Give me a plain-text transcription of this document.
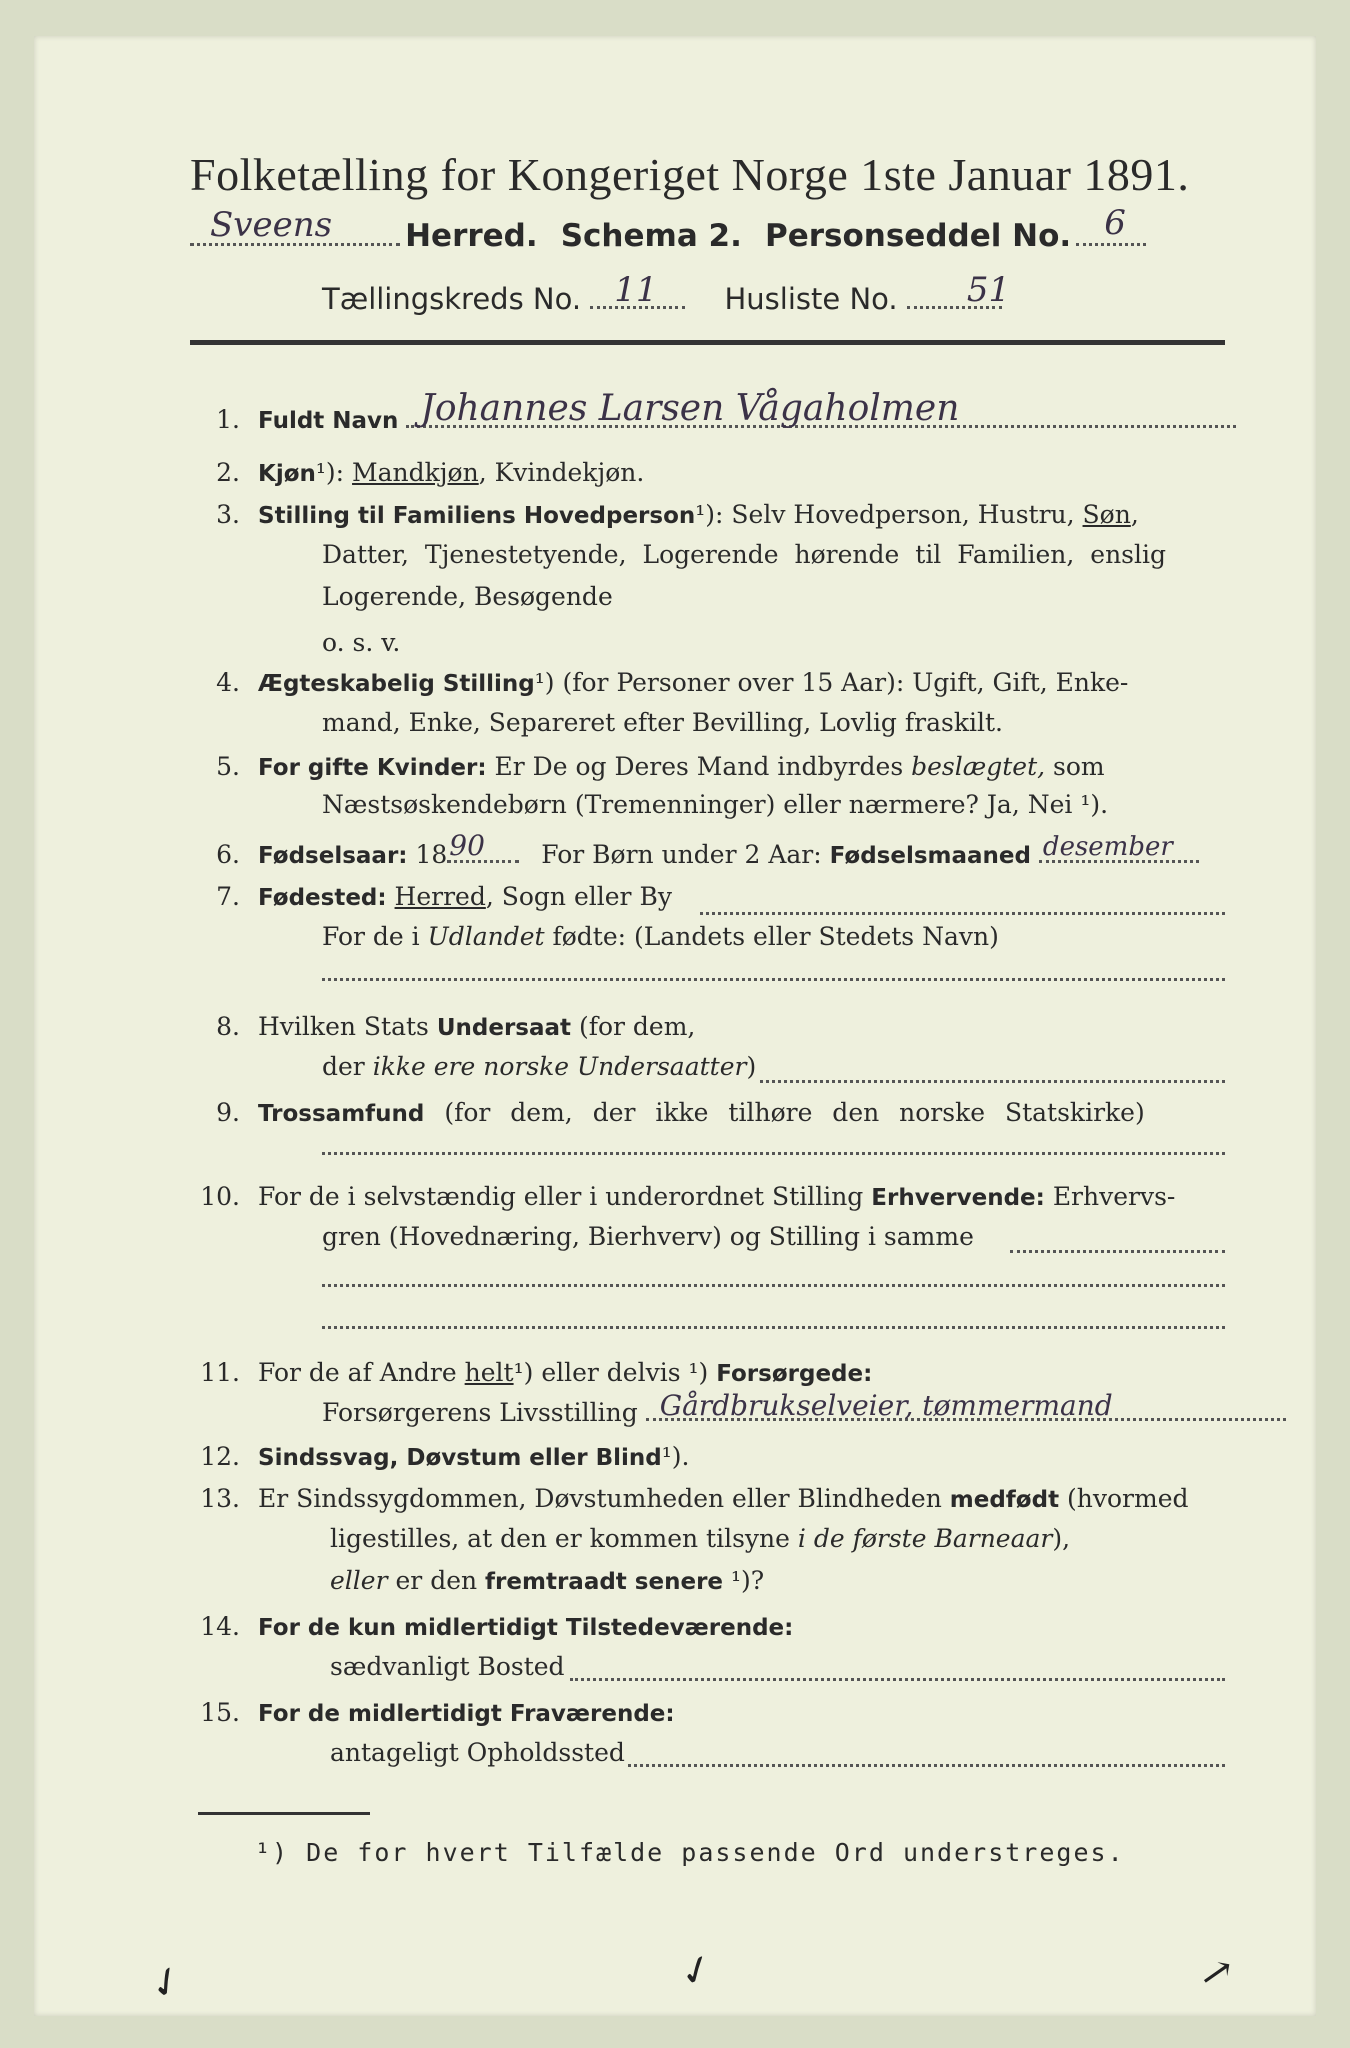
Folketælling for Kongeriget Norge 1ste Januar 1891.
Sveens Herred. Schema 2. Personseddel No. 6
Tællingskreds No. 11 Husliste No. 51
1. Fuldt Navn Johannes Larsen Vågaholmen
2. Kjøn¹): Mandkjøn, Kvindekjøn.
3. Stilling til Familiens Hovedperson¹): Selv Hovedperson, Hustru, Søn,
Datter, Tjenestetyende, Logerende hørende til Familien, enslig
Logerende, Besøgende
o. s. v.
4. Ægteskabelig Stilling¹) (for Personer over 15 Aar): Ugift, Gift, Enke-
mand, Enke, Separeret efter Bevilling, Lovlig fraskilt.
5. For gifte Kvinder: Er De og Deres Mand indbyrdes beslægtet, som
Næstsøskendebørn (Tremenninger) eller nærmere? Ja, Nei ¹).
6. Fødselsaar: 18 90 For Børn under 2 Aar: Fødselsmaaned desember
7. Fødested: Herred, Sogn eller By
For de i Udlandet fødte: (Landets eller Stedets Navn)
8. Hvilken Stats Undersaat (for dem,
der ikke ere norske Undersaatter)
9. Trossamfund (for dem, der ikke tilhøre den norske Statskirke)
10. For de i selvstændig eller i underordnet Stilling Erhvervende: Erhvervs-
gren (Hovednæring, Bierhverv) og Stilling i samme
11. For de af Andre helt¹) eller delvis ¹) Forsørgede:
Forsørgerens Livsstilling Gårdbrukselveier, tømmermand
12. Sindssvag, Døvstum eller Blind¹).
13. Er Sindssygdommen, Døvstumheden eller Blindheden medfødt (hvormed
ligestilles, at den er kommen tilsyne i de første Barneaar),
eller er den fremtraadt senere ¹)?
14. For de kun midlertidigt Tilstedeværende:
sædvanligt Bosted
15. For de midlertidigt Fraværende:
antageligt Opholdssted
¹) De for hvert Tilfælde passende Ord understreges.
✓	✓	↗
